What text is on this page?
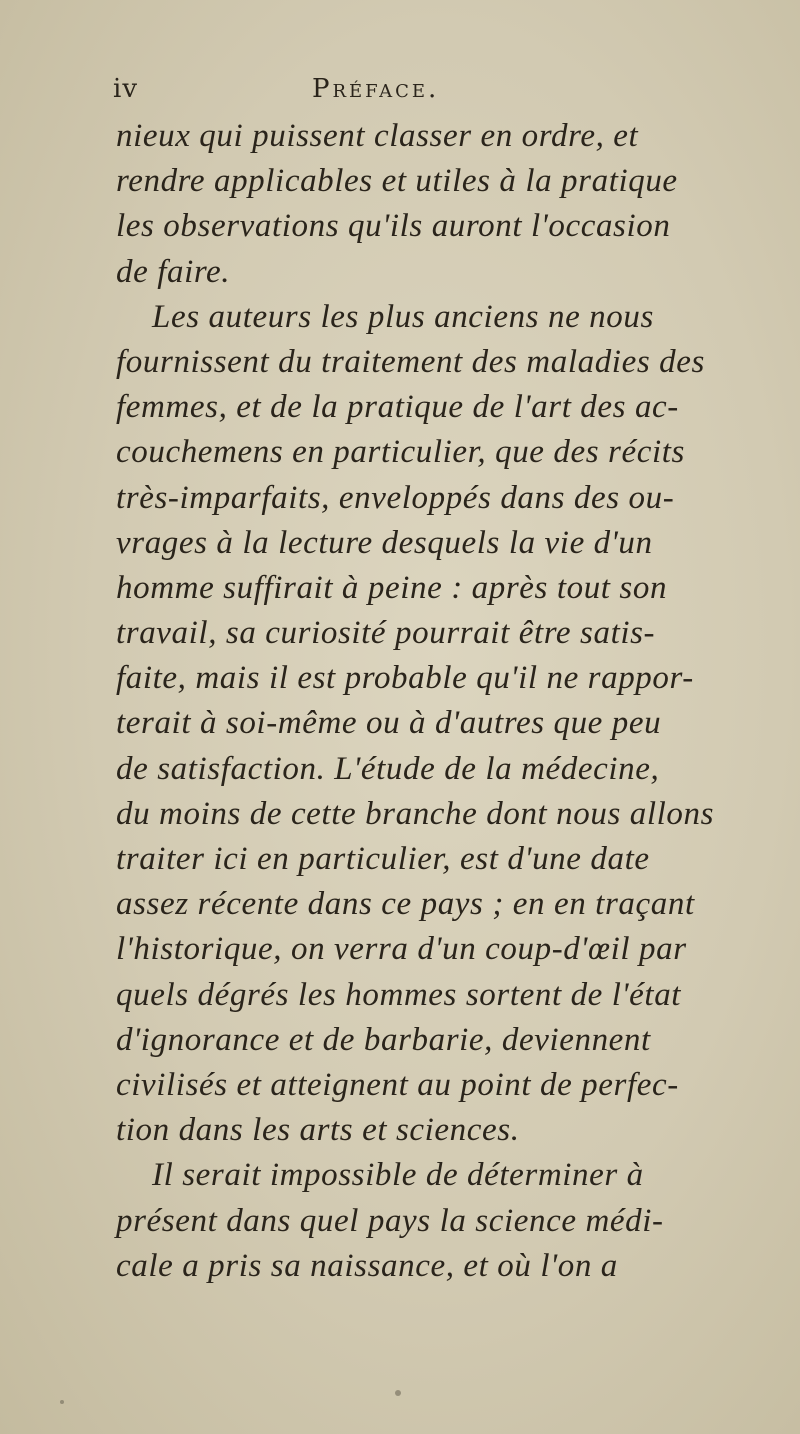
iv	Préface.
nieux qui puissent classer en ordre, et
rendre applicables et utiles à la pratique
les observations qu'ils auront l'occasion
de faire.
Les auteurs les plus anciens ne nous
fournissent du traitement des maladies des
femmes, et de la pratique de l'art des ac-
couchemens en particulier, que des récits
très-imparfaits, enveloppés dans des ou-
vrages à la lecture desquels la vie d'un
homme suffirait à peine : après tout son
travail, sa curiosité pourrait être satis-
faite, mais il est probable qu'il ne rappor-
terait à soi-même ou à d'autres que peu
de satisfaction. L'étude de la médecine,
du moins de cette branche dont nous allons
traiter ici en particulier, est d'une date
assez récente dans ce pays ; en en traçant
l'historique, on verra d'un coup-d'œil par
quels dégrés les hommes sortent de l'état
d'ignorance et de barbarie, deviennent
civilisés et atteignent au point de perfec-
tion dans les arts et sciences.
Il serait impossible de déterminer à
présent dans quel pays la science médi-
cale a pris sa naissance, et où l'on a
